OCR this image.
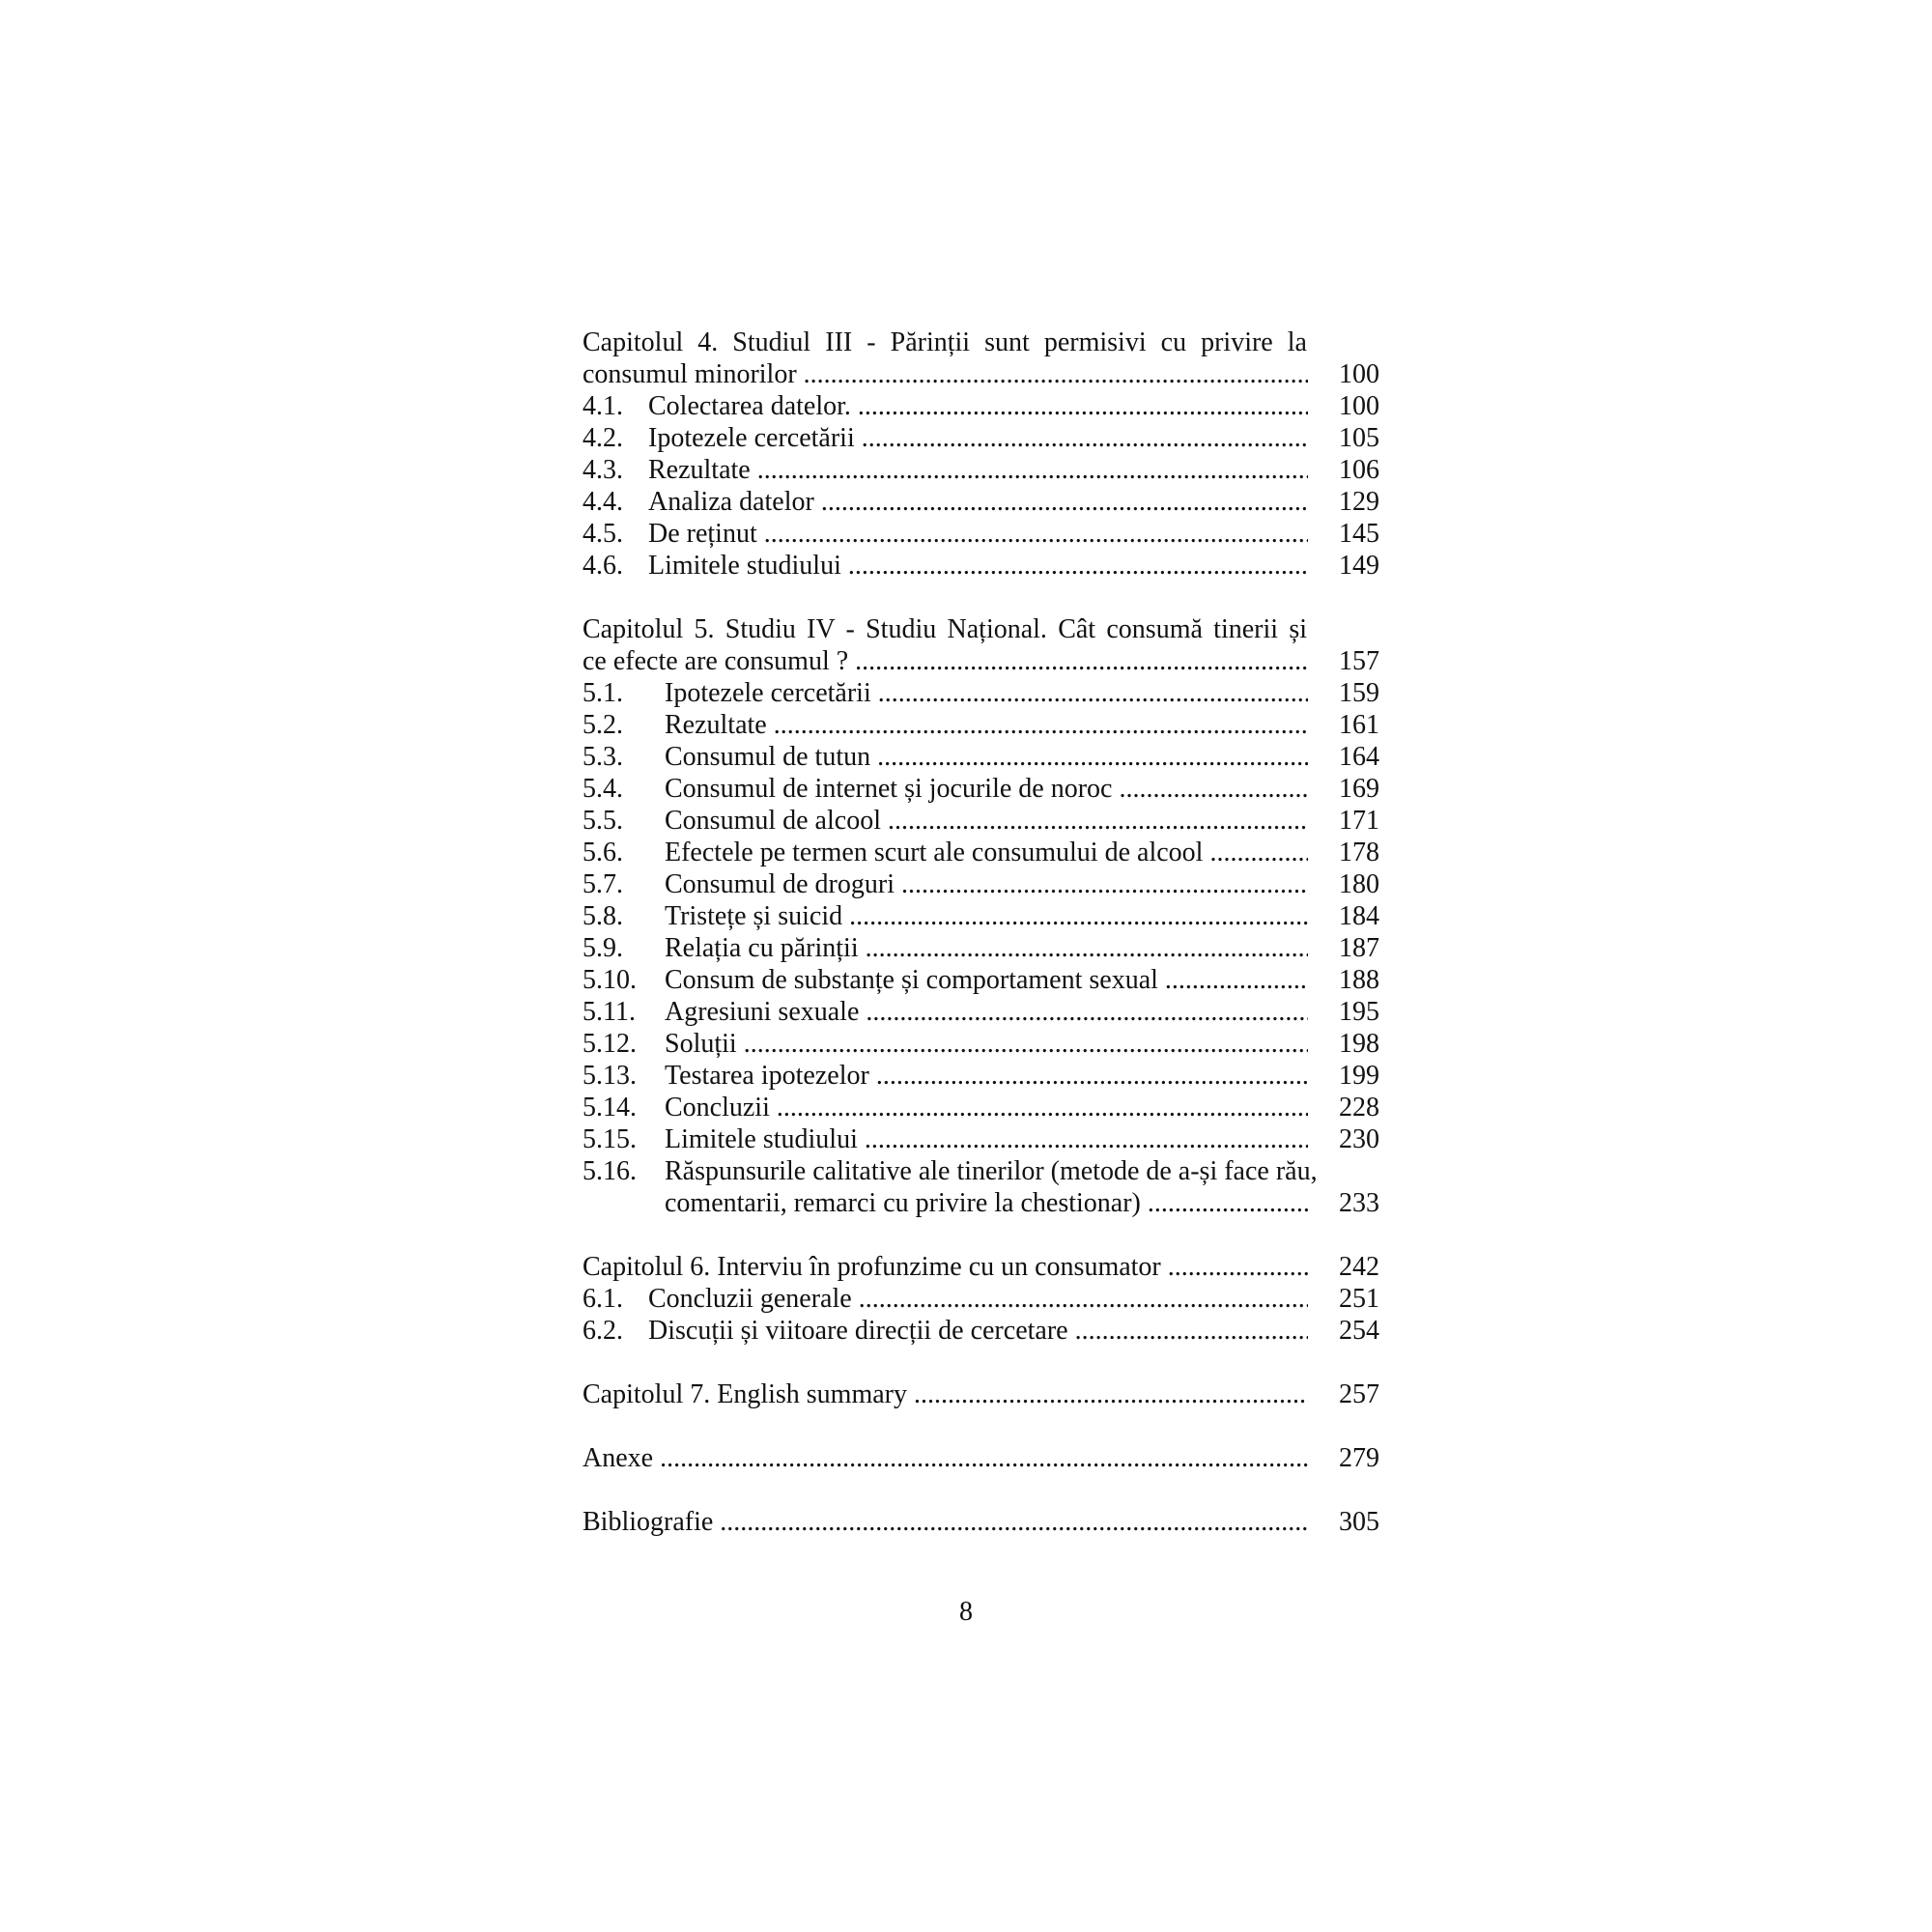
Capitolul 4. Studiul III - Părinții sunt permisivi cu privire la
consumul minorilor .....	100
4.1. Colectarea datelor. .....	100
4.2. Ipotezele cercetării .....	105
4.3. Rezultate .....	106
4.4. Analiza datelor .....	129
4.5. De reținut .....	145
4.6. Limitele studiului .....	149
Capitolul 5. Studiu IV - Studiu Național. Cât consumă tinerii și
ce efecte are consumul ? .....	157
5.1. Ipotezele cercetării .....	159
5.2. Rezultate .....	161
5.3. Consumul de tutun .....	164
5.4. Consumul de internet și jocurile de noroc .....	169
5.5. Consumul de alcool .....	171
5.6. Efectele pe termen scurt ale consumului de alcool .....	178
5.7. Consumul de droguri .....	180
5.8. Tristețe și suicid .....	184
5.9. Relația cu părinții .....	187
5.10. Consum de substanțe și comportament sexual .....	188
5.11. Agresiuni sexuale .....	195
5.12. Soluții .....	198
5.13. Testarea ipotezelor .....	199
5.14. Concluzii .....	228
5.15. Limitele studiului .....	230
5.16. Răspunsurile calitative ale tinerilor (metode de a-și face rău,
comentarii, remarci cu privire la chestionar) .....	233
Capitolul 6. Interviu în profunzime cu un consumator .....	242
6.1. Concluzii generale .....	251
6.2. Discuții și viitoare direcții de cercetare .....	254
Capitolul 7. English summary .....	257
Anexe .....	279
Bibliografie .....	305
8
